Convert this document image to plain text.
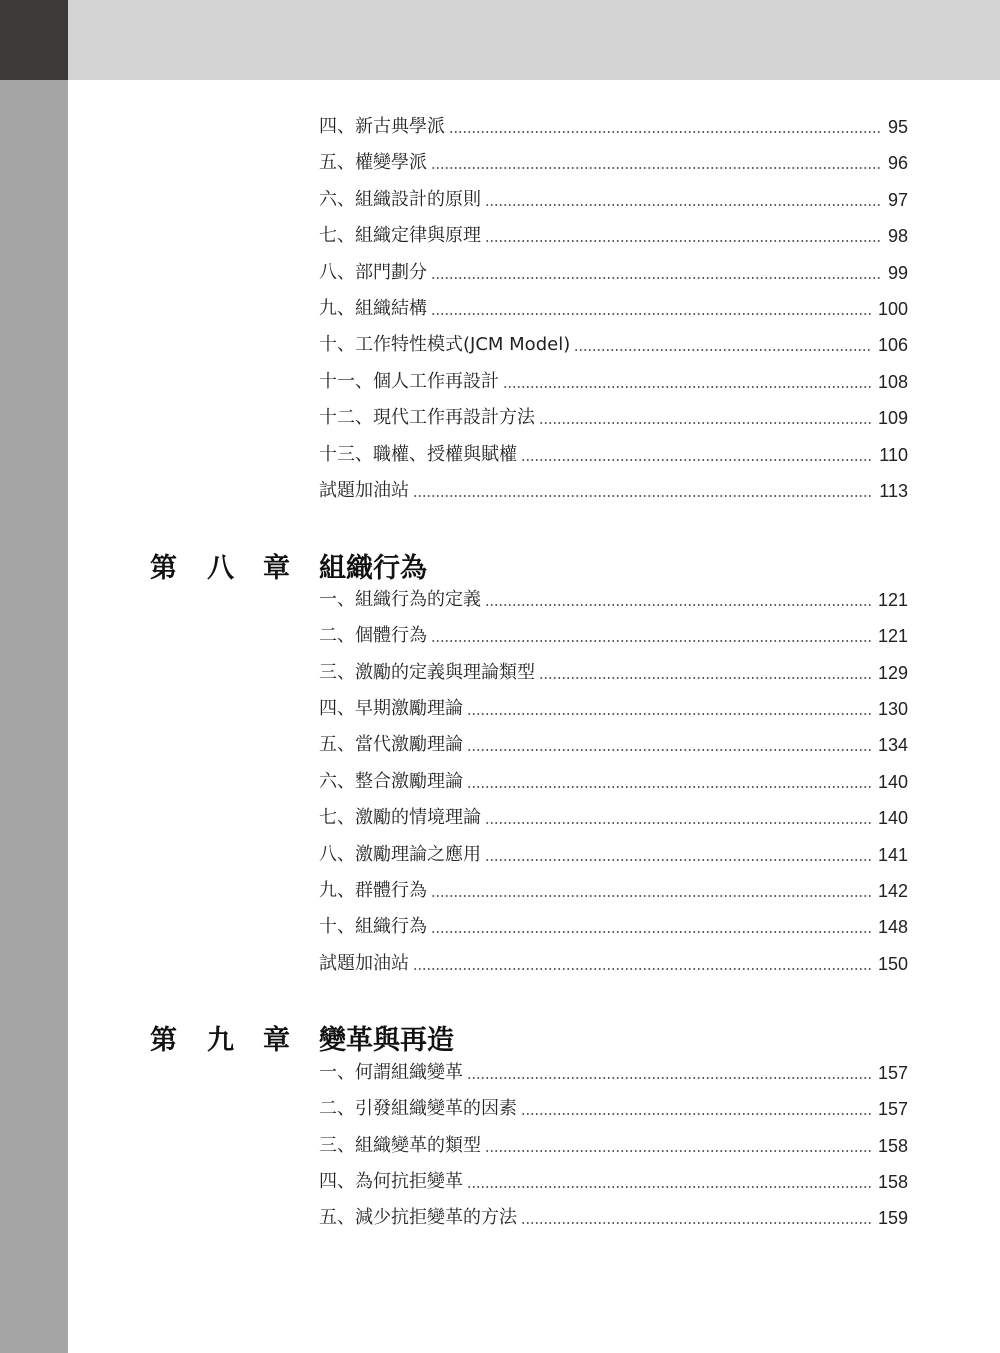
四、新古典學派	95
五、權變學派	96
六、組織設計的原則	97
七、組織定律與原理	98
八、部門劃分	99
九、組織結構	100
十、工作特性模式(JCM Model)	106
十一、個人工作再設計	108
十二、現代工作再設計方法	109
十三、職權、授權與賦權	110
試題加油站	113
第 八 章 組織行為
一、組織行為的定義	121
二、個體行為	121
三、激勵的定義與理論類型	129
四、早期激勵理論	130
五、當代激勵理論	134
六、整合激勵理論	140
七、激勵的情境理論	140
八、激勵理論之應用	141
九、群體行為	142
十、組織行為	148
試題加油站	150
第 九 章 變革與再造
一、何謂組織變革	157
二、引發組織變革的因素	157
三、組織變革的類型	158
四、為何抗拒變革	158
五、減少抗拒變革的方法	159
